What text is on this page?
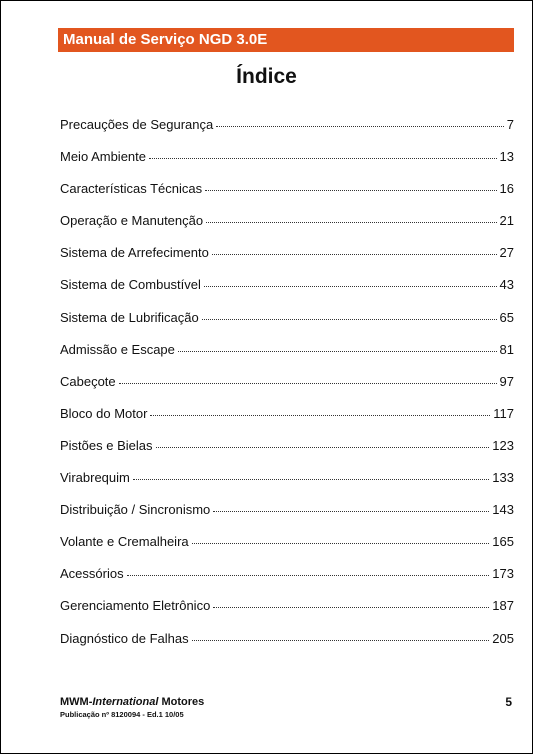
Manual de Serviço NGD 3.0E
Índice
Precauções de Segurança	7
Meio Ambiente	13
Características Técnicas	16
Operação e Manutenção	21
Sistema de Arrefecimento	27
Sistema de Combustível	43
Sistema de Lubrificação	65
Admissão e Escape	81
Cabeçote	97
Bloco do Motor	117
Pistões e Bielas	123
Virabrequim	133
Distribuição / Sincronismo	143
Volante e Cremalheira	165
Acessórios	173
Gerenciamento Eletrônico	187
Diagnóstico de Falhas	205
MWM-International Motores
Publicação nº 8120094 - Ed.1 10/05
5
